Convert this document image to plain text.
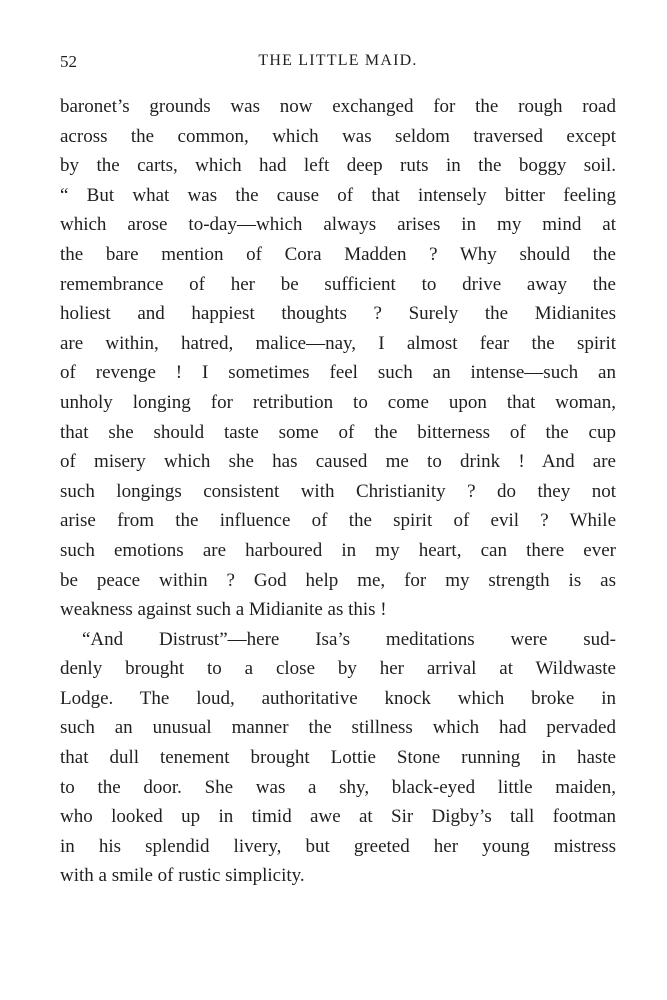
52	THE LITTLE MAID.
baronet’s grounds was now exchanged for the rough road
across the common, which was seldom traversed except
by the carts, which had left deep ruts in the boggy soil.
“ But what was the cause of that intensely bitter feeling
which arose to-day—which always arises in my mind at
the bare mention of Cora Madden ? Why should the
remembrance of her be sufficient to drive away the
holiest and happiest thoughts ? Surely the Midianites
are within, hatred, malice—nay, I almost fear the spirit
of revenge ! I sometimes feel such an intense—such an
unholy longing for retribution to come upon that woman,
that she should taste some of the bitterness of the cup
of misery which she has caused me to drink ! And are
such longings consistent with Christianity ? do they not
arise from the influence of the spirit of evil ? While
such emotions are harboured in my heart, can there ever
be peace within ? God help me, for my strength is as
weakness against such a Midianite as this !
“And Distrust”—here Isa’s meditations were sud-
denly brought to a close by her arrival at Wildwaste
Lodge. The loud, authoritative knock which broke in
such an unusual manner the stillness which had pervaded
that dull tenement brought Lottie Stone running in haste
to the door. She was a shy, black-eyed little maiden,
who looked up in timid awe at Sir Digby’s tall footman
in his splendid livery, but greeted her young mistress
with a smile of rustic simplicity.
